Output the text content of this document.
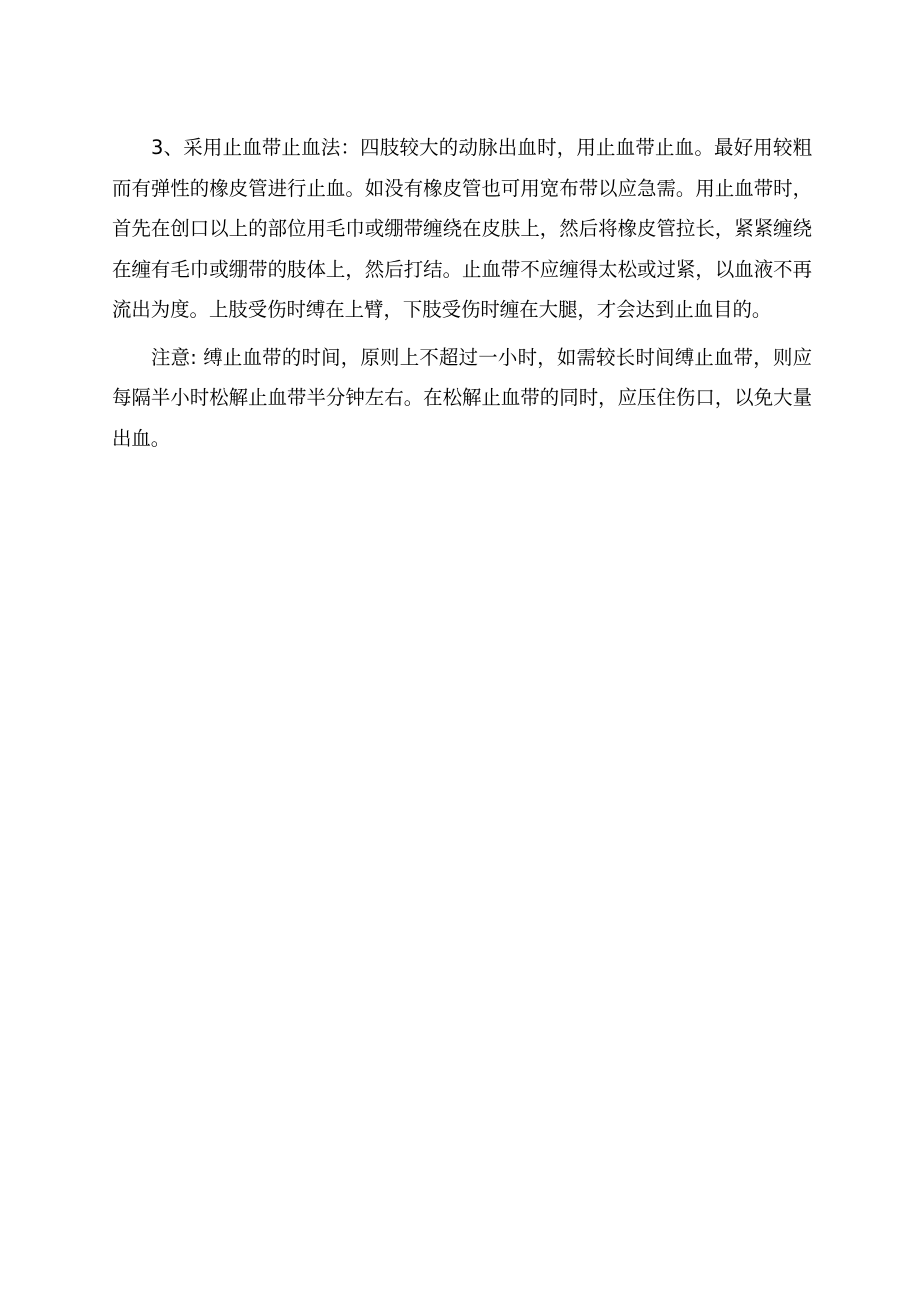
3、采用止血带止血法：四肢较大的动脉出血时，用止血带止血。最好用较粗而有弹性的橡皮管进行止血。如没有橡皮管也可用宽布带以应急需。用止血带时，首先在创口以上的部位用毛巾或绷带缠绕在皮肤上，然后将橡皮管拉长，紧紧缠绕在缠有毛巾或绷带的肢体上，然后打结。止血带不应缠得太松或过紧，以血液不再流出为度。上肢受伤时缚在上臂，下肢受伤时缠在大腿，才会达到止血目的。

注意: 缚止血带的时间，原则上不超过一小时，如需较长时间缚止血带，则应每隔半小时松解止血带半分钟左右。在松解止血带的同时，应压住伤口，以免大量出血。
